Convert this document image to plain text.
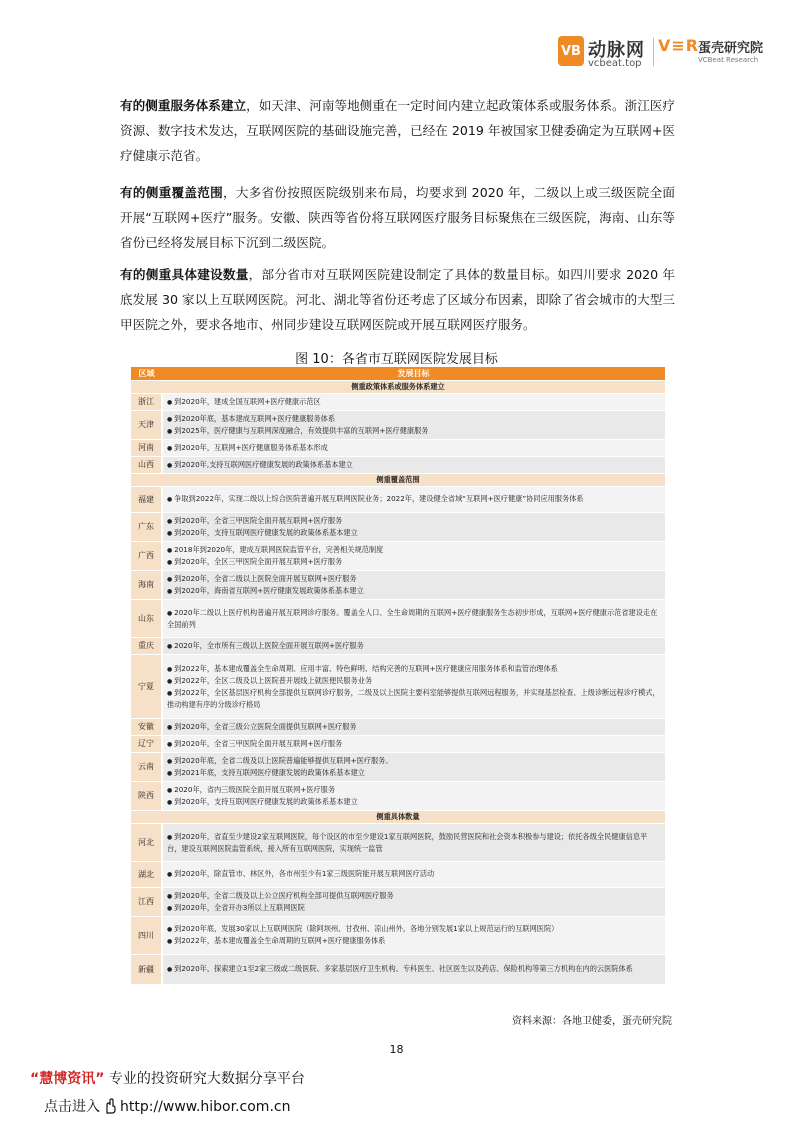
VB 动脉网
vcbeat.top
V≡R
蛋壳研究院
VCBeat Research

有的侧重服务体系建立，如天津、河南等地侧重在一定时间内建立起政策体系或服务体系。浙江医疗资源、数字技术发达，互联网医院的基础设施完善，已经在 2019 年被国家卫健委确定为互联网+医疗健康示范省。

有的侧重覆盖范围，大多省份按照医院级别来布局，均要求到 2020 年，二级以上或三级医院全面开展“互联网+医疗”服务。安徽、陕西等省份将互联网医疗服务目标聚焦在三级医院，海南、山东等省份已经将发展目标下沉到二级医院。

有的侧重具体建设数量，部分省市对互联网医院建设制定了具体的数量目标。如四川要求 2020 年底发展 30 家以上互联网医院。河北、湖北等省份还考虑了区域分布因素，即除了省会城市的大型三甲医院之外，要求各地市、州同步建设互联网医院或开展互联网医疗服务。

图 10：各省市互联网医院发展目标
区域	发展目标
侧重政策体系或服务体系建立	
浙江	● 到2020年，建成全国互联网+医疗健康示范区

天津	● 到2020年底，基本建成互联网+医疗健康服务体系
● 到2025年，医疗健康与互联网深度融合，有效提供丰富的互联网+医疗健康服务

河南	● 到2020年，互联网+医疗健康服务体系基本形成

山西	● 到2020年,支持互联网医疗健康发展的政策体系基本建立

侧重覆盖范围	
福建	● 争取到2022年，实现二级以上综合医院普遍开展互联网医院业务；2022年，建设健全省域“互联网+医疗健康”协同应用服务体系

广东	● 到2020年，全省三甲医院全面开展互联网+医疗服务
● 到2020年，支持互联网医疗健康发展的政策体系基本建立

广西	● 2018年到2020年，建成互联网医院监管平台，完善相关规范制度
● 到2020年，全区三甲医院全面开展互联网+医疗服务

海南	● 到2020年，全省二级以上医院全面开展互联网+医疗服务
● 到2020年，海南省互联网+医疗健康发展政策体系基本建立

山东	● 2020年二级以上医疗机构普遍开展互联网诊疗服务。覆盖全人口、全生命周期的互联网+医疗健康服务生态初步形成，互联网+医疗健康示范省建设走在全国前列

重庆	● 2020年，全市所有三级以上医院全面开展互联网+医疗服务

宁夏	● 到2022年，基本建成覆盖全生命周期、应用丰富、特色鲜明、结构完善的互联网+医疗健康应用服务体系和监管治理体系
● 到2022年，全区二级及以上医院普开展线上就医便民服务业务
● 到2022年，全区基层医疗机构全部提供互联网诊疗服务，二级及以上医院主要科室能够提供互联网远程服务，并实现基层检查、上级诊断远程诊疗模式，推动构建有序的分级诊疗格局

安徽	● 到2020年，全省三级公立医院全面提供互联网+医疗服务

辽宁	● 到2020年，全省三甲医院全面开展互联网+医疗服务

云南	● 到2020年底，全省二级及以上医院普遍能够提供互联网+医疗服务。
● 到2021年底，支持互联网医疗健康发展的政策体系基本建立

陕西	● 2020年，省内三级医院全面开展互联网+医疗服务
● 到2020年，支持互联网医疗健康发展的政策体系基本建立

侧重具体数量	
河北	● 到2020年，省直至少建设2家互联网医院，每个设区的市至少建设1家互联网医院，鼓励民营医院和社会资本积极参与建设；依托各级全民健康信息平台，建设互联网医院监管系统，接入所有互联网医院，实现统一监管

湖北	● 到2020年，除直管市、林区外，各市州至少有1家三级医院能开展互联网医疗活动

江西	● 到2020年，全省二级及以上公立医疗机构全部可提供互联网医疗服务
● 到2020年，全省开办3所以上互联网医院

四川	● 到2020年底，发展30家以上互联网医院（除阿坝州、甘孜州、凉山州外，各地分别发展1家以上规范运行的互联网医院）
● 到2022年，基本建成覆盖全生命周期的互联网+医疗健康服务体系

新疆	● 到2020年，探索建立1至2家三级或二级医院、多家基层医疗卫生机构、专科医生、社区医生以及药店、保险机构等第三方机构在内的云医院体系
资料来源：各地卫健委，蛋壳研究院
18
“慧博资讯” 专业的投资研究大数据分享平台
点击进入 http://www.hibor.com.cn
